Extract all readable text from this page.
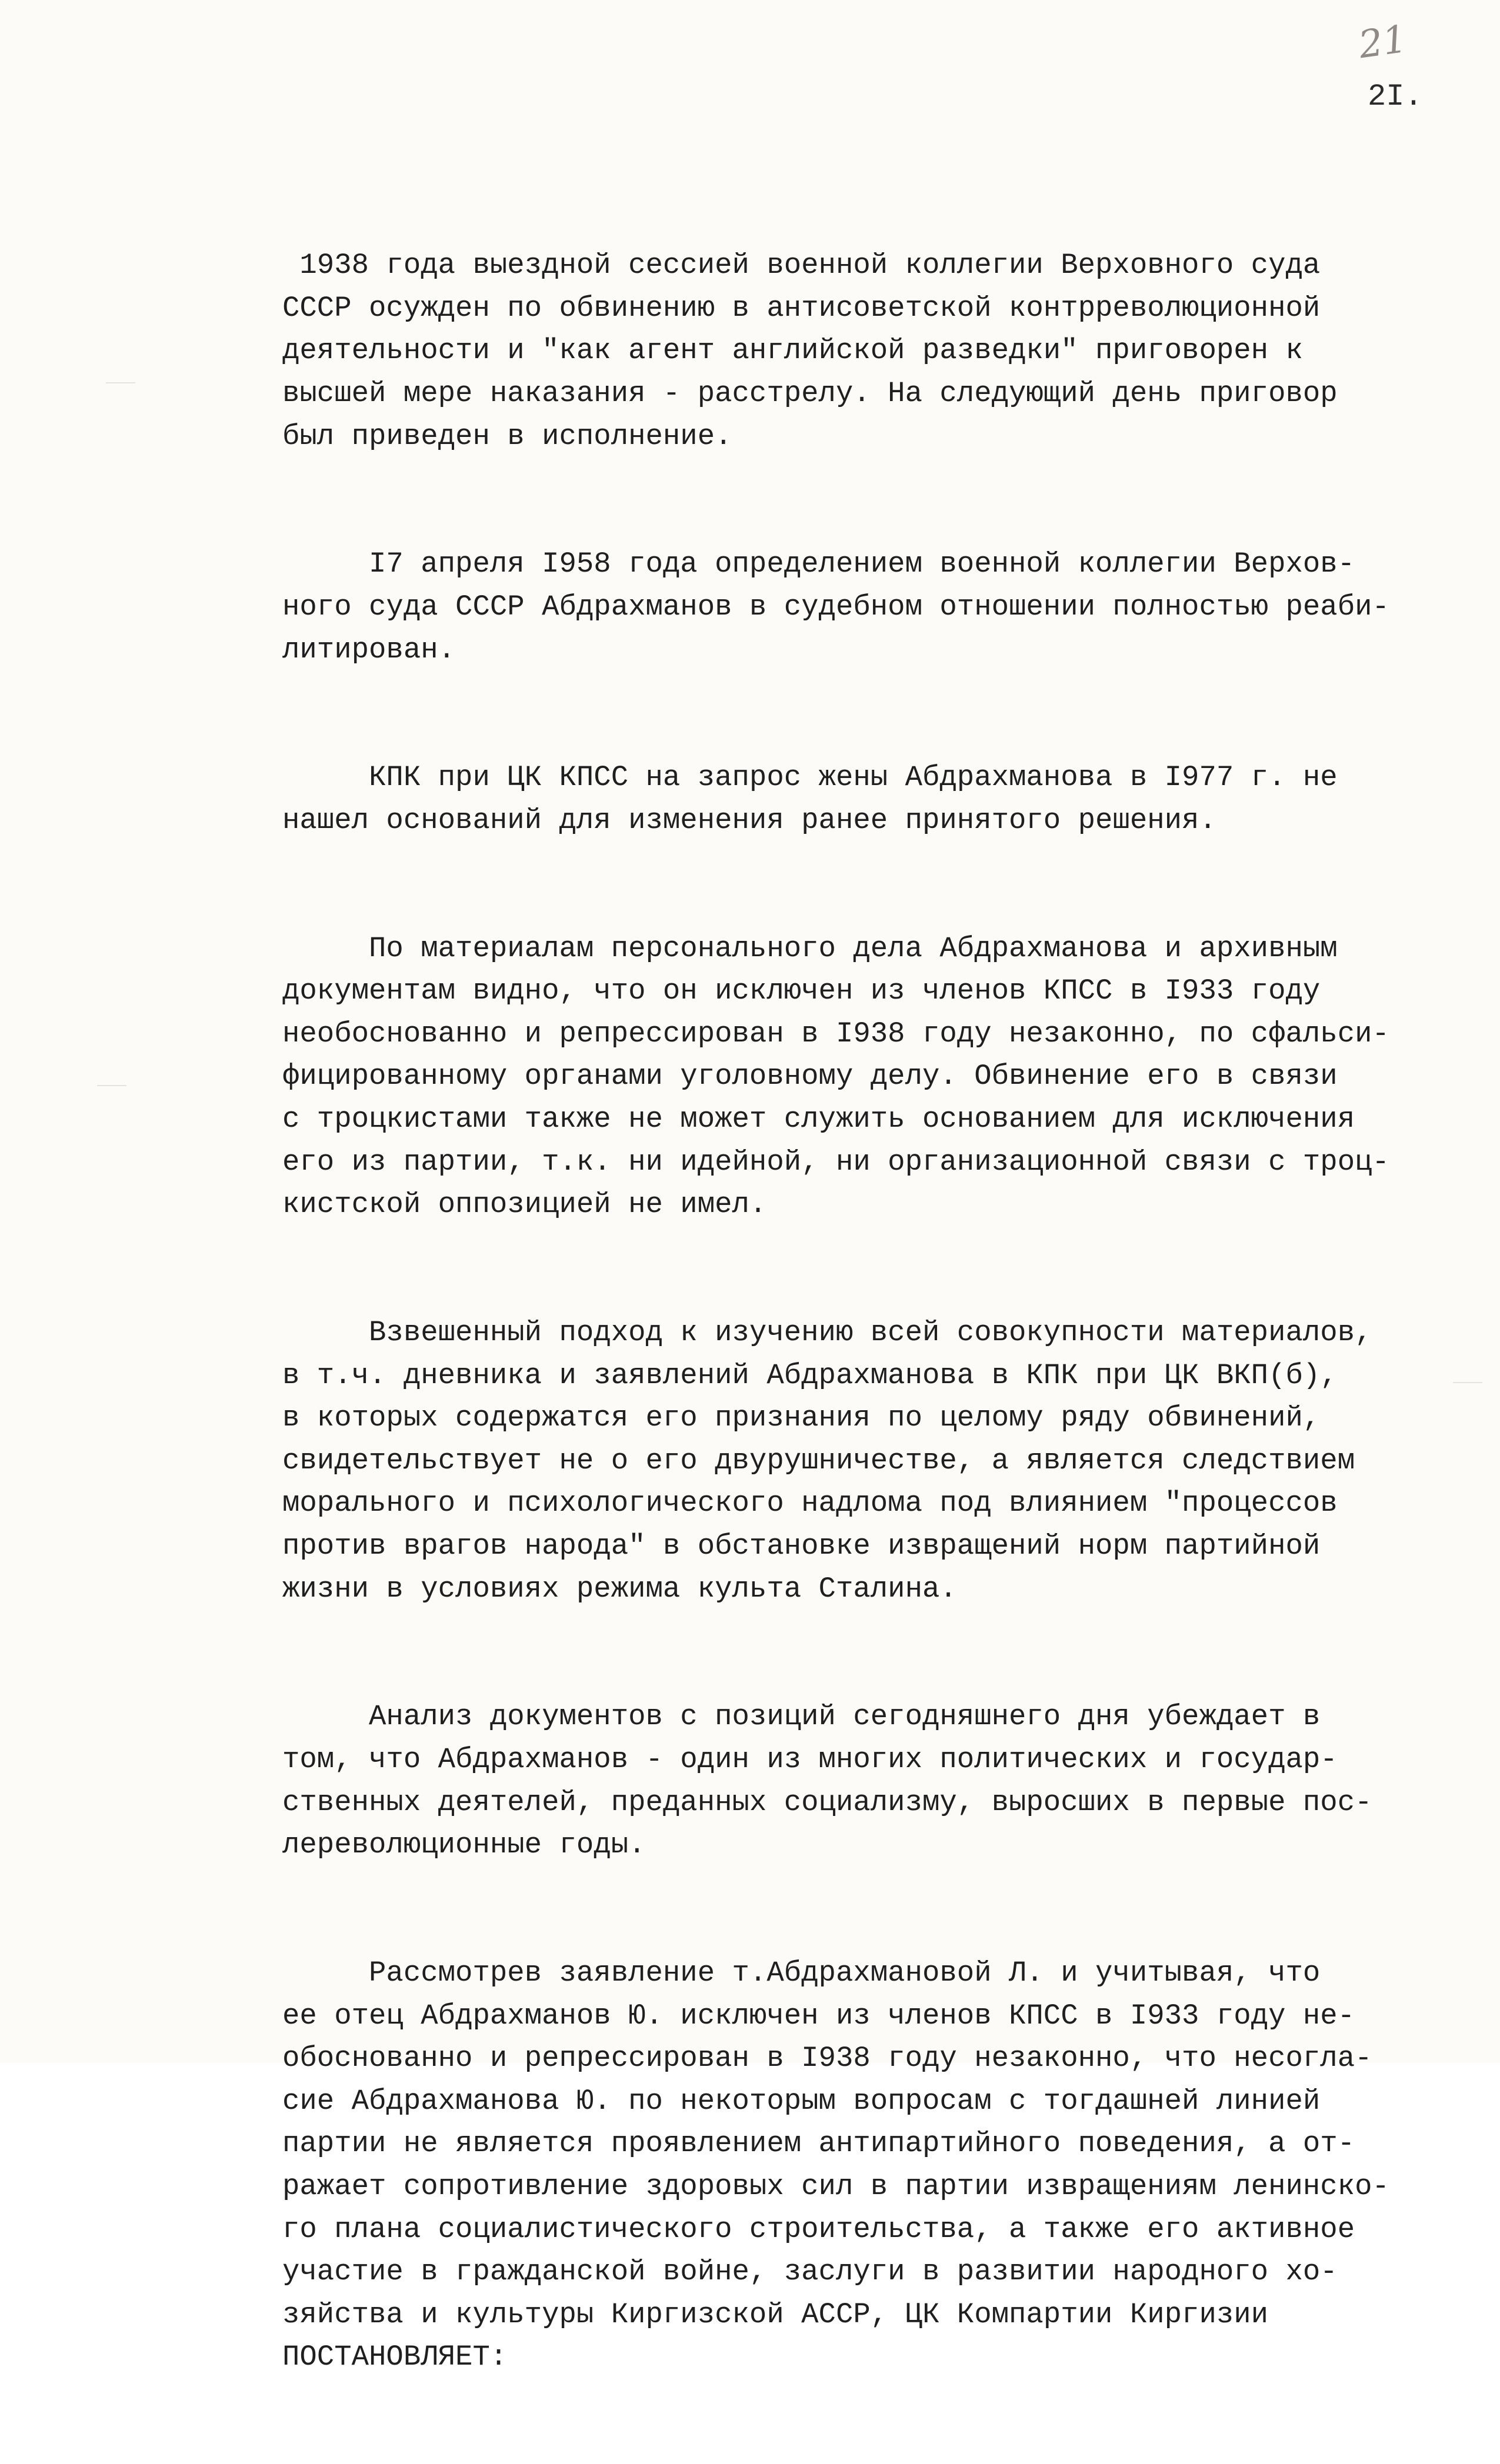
21
2I.

1938 года выездной сессией военной коллегии Верховного суда
СССР осужден по обвинению в антисоветской контрреволюционной
деятельности и "как агент английской разведки" приговорен к
высшей мере наказания - расстрелу. На следующий день приговор
был приведен в исполнение.

I7 апреля I958 года определением военной коллегии Верхов-
ного суда СССР Абдрахманов в судебном отношении полностью реаби-
литирован.

КПК при ЦК КПСС на запрос жены Абдрахманова в I977 г. не
нашел оснований для изменения ранее принятого решения.

По материалам персонального дела Абдрахманова и архивным
документам видно, что он исключен из членов КПСС в I933 году
необоснованно и репрессирован в I938 году незаконно, по сфальси-
фицированному органами уголовному делу. Обвинение его в связи
с троцкистами также не может служить основанием для исключения
его из партии, т.к. ни идейной, ни организационной связи с троц-
кистской оппозицией не имел.

Взвешенный подход к изучению всей совокупности материалов,
в т.ч. дневника и заявлений Абдрахманова в КПК при ЦК ВКП(б),
в которых содержатся его признания по целому ряду обвинений,
свидетельствует не о его двурушничестве, а является следствием
морального и психологического надлома под влиянием "процессов
против врагов народа" в обстановке извращений норм партийной
жизни в условиях режима культа Сталина.

Анализ документов с позиций сегодняшнего дня убеждает в
том, что Абдрахманов - один из многих политических и государ-
ственных деятелей, преданных социализму, выросших в первые пос-
лереволюционные годы.

Рассмотрев заявление т.Абдрахмановой Л. и учитывая, что
ее отец Абдрахманов Ю. исключен из членов КПСС в I933 году не-
обоснованно и репрессирован в I938 году незаконно, что несогла-
сие Абдрахманова Ю. по некоторым вопросам с тогдашней линией
партии не является проявлением антипартийного поведения, а от-
ражает сопротивление здоровых сил в партии извращениям ленинско-
го плана социалистического строительства, а также его активное
участие в гражданской войне, заслуги в развитии народного хо-
зяйства и культуры Киргизской АССР, ЦК Компартии Киргизии
ПОСТАНОВЛЯЕТ:
